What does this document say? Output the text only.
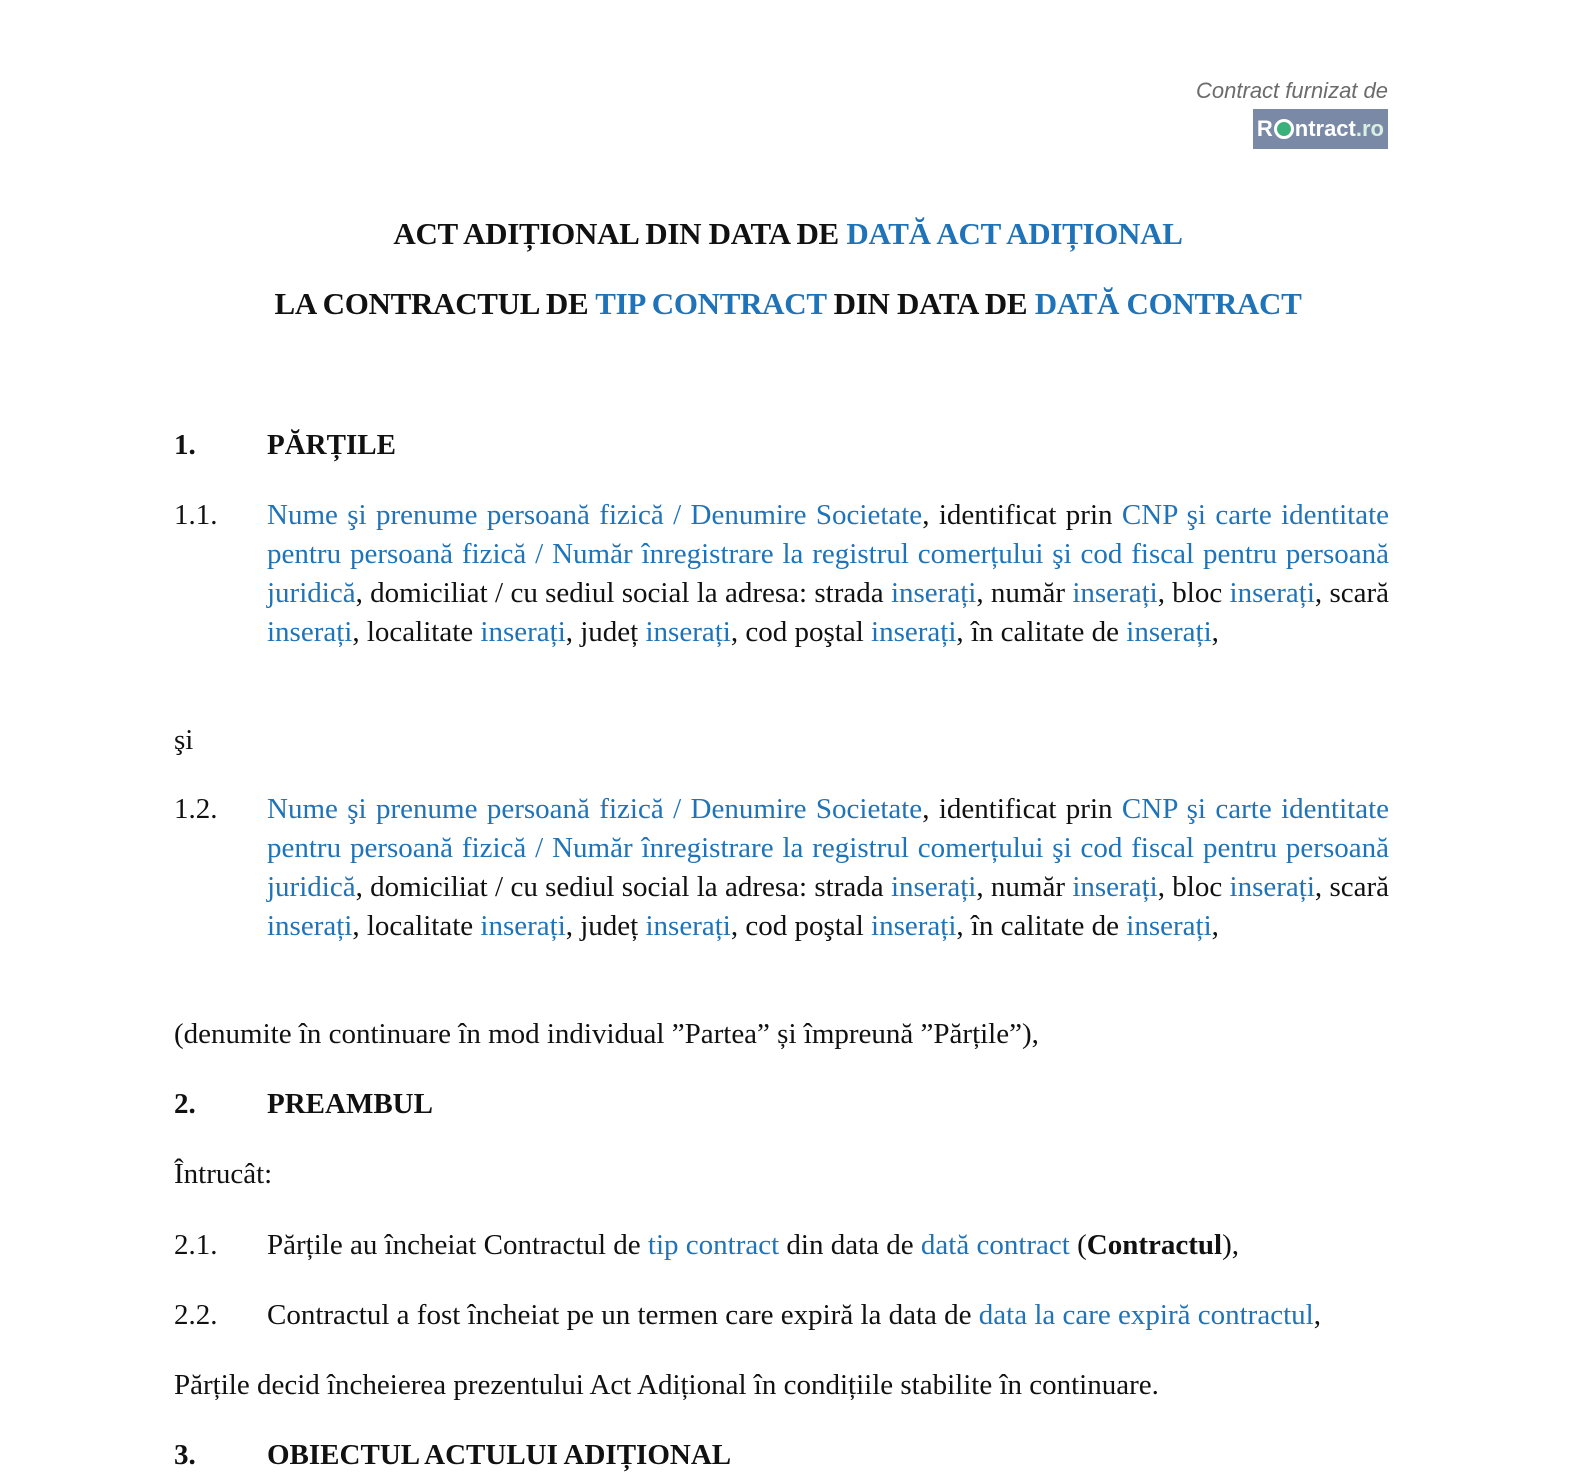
Contract furnizat de
R ntract.ro
ACT ADIȚIONAL DIN DATA DE DATĂ ACT ADIȚIONAL
LA CONTRACTUL DE TIP CONTRACT DIN DATA DE DATĂ CONTRACT
1. PĂRȚILE
1.1. Nume şi prenume persoană fizică / Denumire Societate, identificat prin CNP şi carte identitate pentru persoană fizică / Număr înregistrare la registrul comerțului şi cod fiscal pentru persoană juridică, domiciliat / cu sediul social la adresa: strada inserați, număr inserați, bloc inserați, scară inserați, localitate inserați, județ inserați, cod poştal inserați, în calitate de inserați,
şi
1.2. Nume şi prenume persoană fizică / Denumire Societate, identificat prin CNP şi carte identitate pentru persoană fizică / Număr înregistrare la registrul comerțului şi cod fiscal pentru persoană juridică, domiciliat / cu sediul social la adresa: strada inserați, număr inserați, bloc inserați, scară inserați, localitate inserați, județ inserați, cod poştal inserați, în calitate de inserați,
(denumite în continuare în mod individual ”Partea” și împreună ”Părțile”),
2. PREAMBUL
Întrucât:
2.1. Părțile au încheiat Contractul de tip contract din data de dată contract (Contractul),
2.2. Contractul a fost încheiat pe un termen care expiră la data de data la care expiră contractul,
Părțile decid încheierea prezentului Act Adițional în condițiile stabilite în continuare.
3. OBIECTUL ACTULUI ADIȚIONAL
